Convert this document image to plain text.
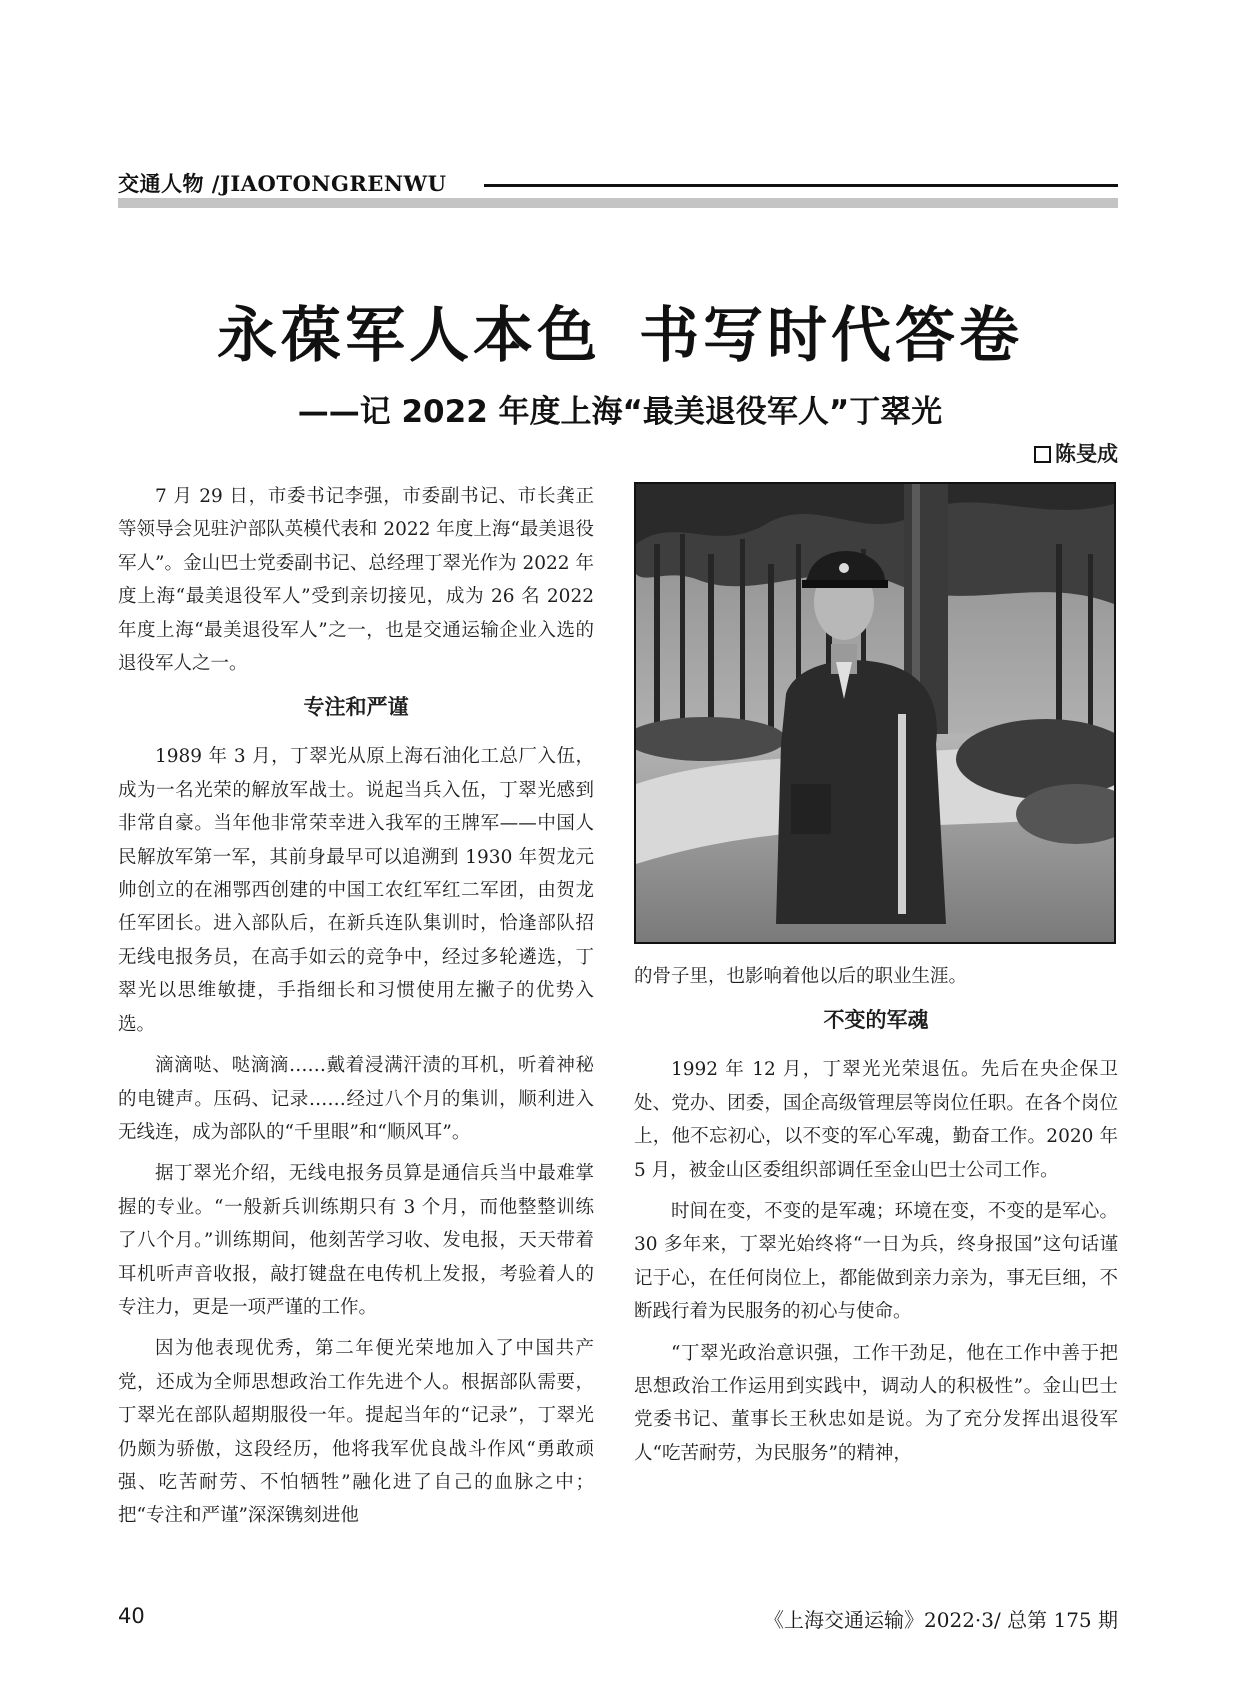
交通人物 /JIAOTONGRENWU
永葆军人本色 书写时代答卷
——记 2022 年度上海“最美退役军人”丁翠光
陈旻成

7 月 29 日，市委书记李强，市委副书记、市长龚正等领导会见驻沪部队英模代表和 2022 年度上海“最美退役军人”。金山巴士党委副书记、总经理丁翠光作为 2022 年度上海“最美退役军人”受到亲切接见，成为 26 名 2022 年度上海“最美退役军人”之一，也是交通运输企业入选的退役军人之一。

专注和严谨

1989 年 3 月，丁翠光从原上海石油化工总厂入伍，成为一名光荣的解放军战士。说起当兵入伍，丁翠光感到非常自豪。当年他非常荣幸进入我军的王牌军——中国人民解放军第一军，其前身最早可以追溯到 1930 年贺龙元帅创立的在湘鄂西创建的中国工农红军红二军团，由贺龙任军团长。进入部队后，在新兵连队集训时，恰逢部队招无线电报务员，在高手如云的竞争中，经过多轮遴选，丁翠光以思维敏捷，手指细长和习惯使用左撇子的优势入选。

滴滴哒、哒滴滴……戴着浸满汗渍的耳机，听着神秘的电键声。压码、记录……经过八个月的集训，顺利进入无线连，成为部队的“千里眼”和“顺风耳”。

据丁翠光介绍，无线电报务员算是通信兵当中最难掌握的专业。“一般新兵训练期只有 3 个月，而他整整训练了八个月。”训练期间，他刻苦学习收、发电报，天天带着耳机听声音收报，敲打键盘在电传机上发报，考验着人的专注力，更是一项严谨的工作。

因为他表现优秀，第二年便光荣地加入了中国共产党，还成为全师思想政治工作先进个人。根据部队需要，丁翠光在部队超期服役一年。提起当年的“记录”，丁翠光仍颇为骄傲，这段经历，他将我军优良战斗作风“勇敢顽强、吃苦耐劳、不怕牺牲”融化进了自己的血脉之中；把“专注和严谨”深深镌刻进他

的骨子里，也影响着他以后的职业生涯。

不变的军魂

1992 年 12 月，丁翠光光荣退伍。先后在央企保卫处、党办、团委，国企高级管理层等岗位任职。在各个岗位上，他不忘初心，以不变的军心军魂，勤奋工作。2020 年 5 月，被金山区委组织部调任至金山巴士公司工作。

时间在变，不变的是军魂；环境在变，不变的是军心。30 多年来，丁翠光始终将“一日为兵，终身报国”这句话谨记于心，在任何岗位上，都能做到亲力亲为，事无巨细，不断践行着为民服务的初心与使命。

“丁翠光政治意识强，工作干劲足，他在工作中善于把思想政治工作运用到实践中，调动人的积极性”。金山巴士党委书记、董事长王秋忠如是说。为了充分发挥出退役军人“吃苦耐劳，为民服务”的精神，

40	《上海交通运输》2022·3/ 总第 175 期
